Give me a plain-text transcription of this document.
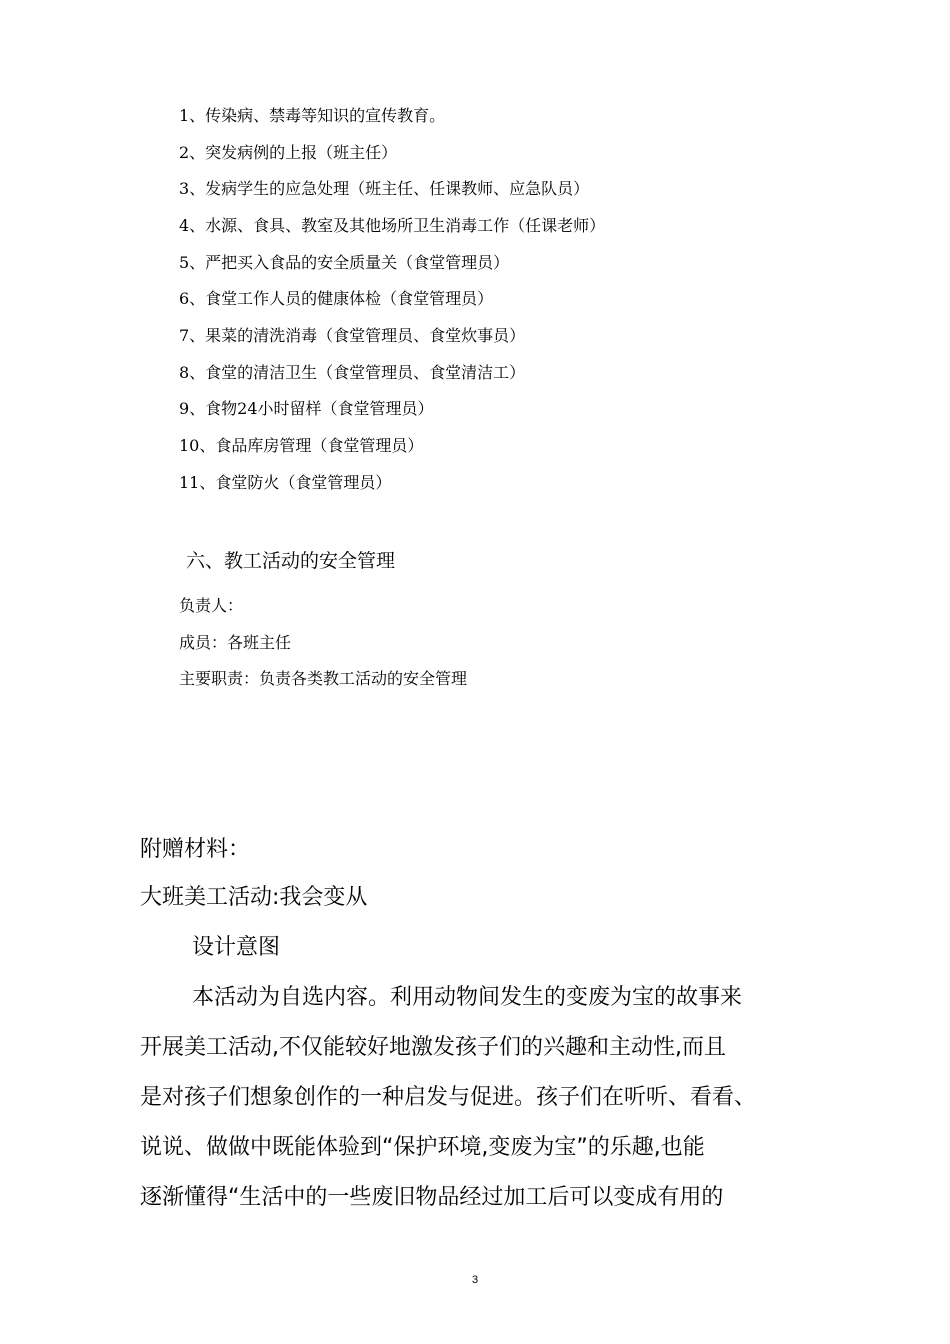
1、传染病、禁毒等知识的宣传教育。
2、突发病例的上报（班主任）
3、发病学生的应急处理（班主任、任课教师、应急队员）
4、水源、食具、教室及其他场所卫生消毒工作（任课老师）
5、严把买入食品的安全质量关（食堂管理员）
6、食堂工作人员的健康体检（食堂管理员）
7、果菜的清洗消毒（食堂管理员、食堂炊事员）
8、食堂的清洁卫生（食堂管理员、食堂清洁工）
9、食物24小时留样（食堂管理员）
10、食品库房管理（食堂管理员）
11、食堂防火（食堂管理员）
六、教工活动的安全管理
负责人：
成员：各班主任
主要职责：负责各类教工活动的安全管理
附赠材料：
大班美工活动:我会变从
设计意图
本活动为自选内容。利用动物间发生的变废为宝的故事来
开展美工活动,不仅能较好地激发孩子们的兴趣和主动性,而且
是对孩子们想象创作的一种启发与促进。孩子们在听听、看看、
说说、做做中既能体验到“保护环境,变废为宝”的乐趣,也能
逐渐懂得“生活中的一些废旧物品经过加工后可以变成有用的
3
